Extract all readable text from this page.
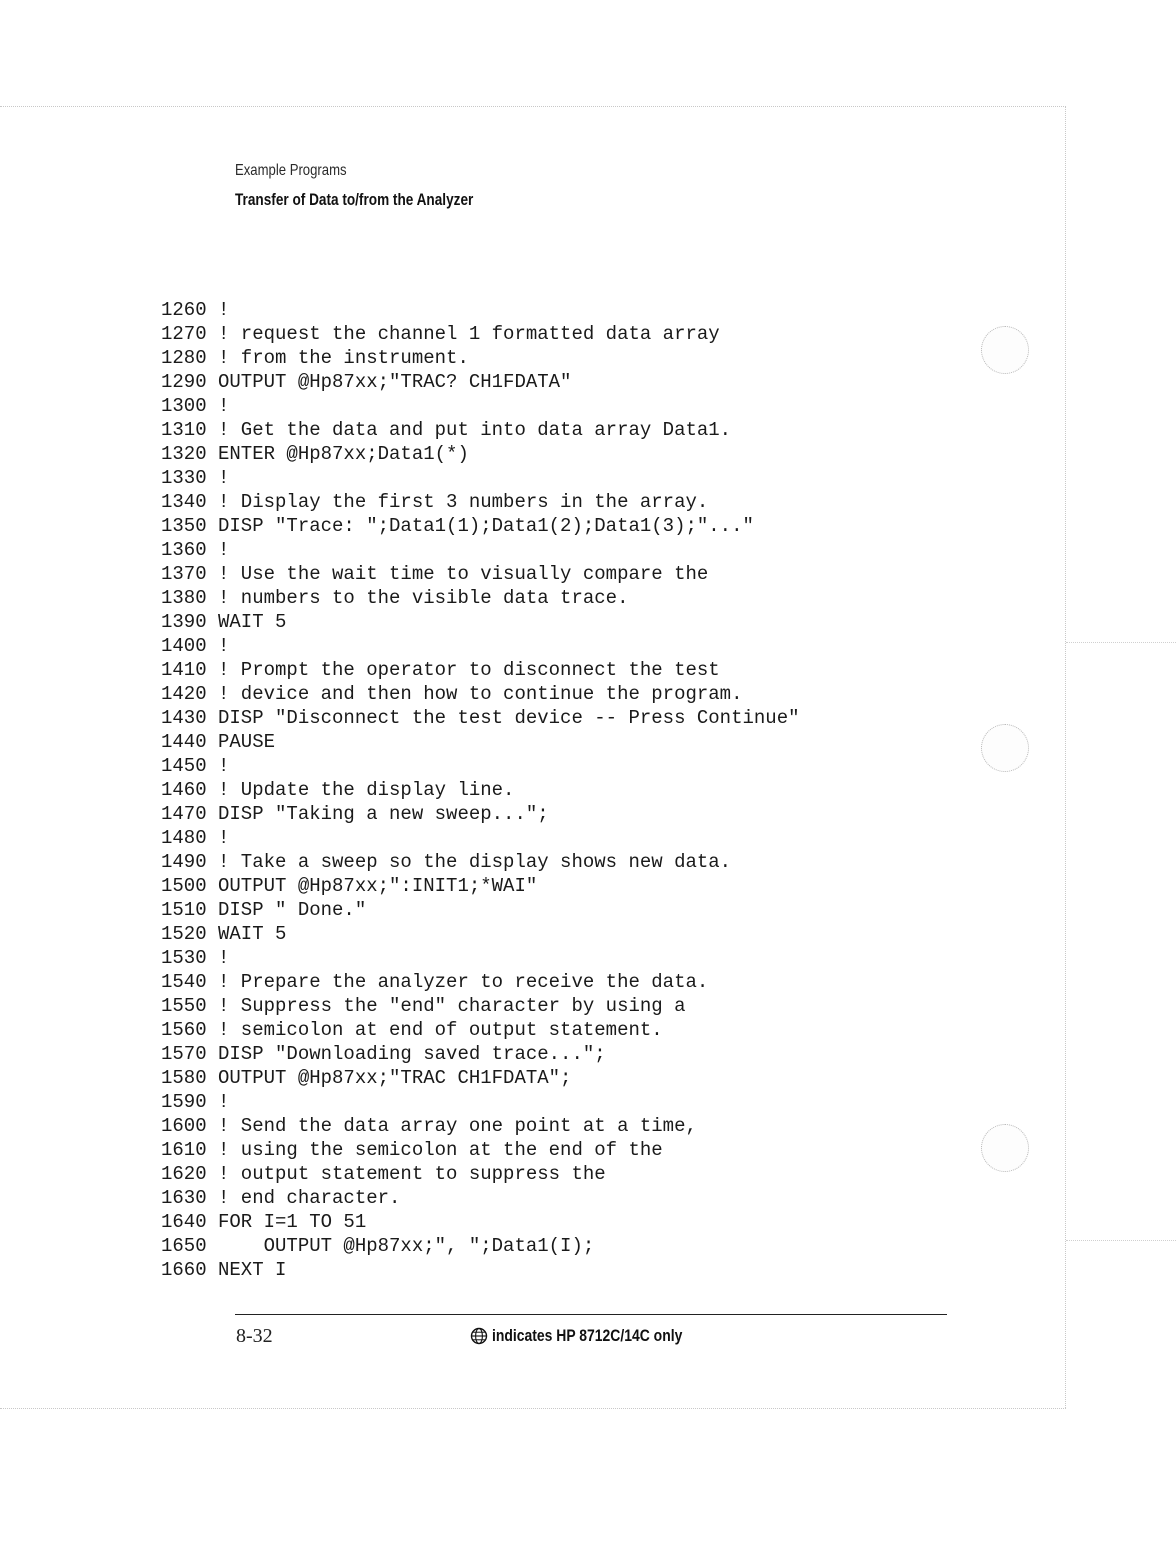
Example Programs
Transfer of Data to/from the Analyzer
1260 !
1270 ! request the channel 1 formatted data array
1280 ! from the instrument.
1290 OUTPUT @Hp87xx;"TRAC? CH1FDATA"
1300 !
1310 ! Get the data and put into data array Data1.
1320 ENTER @Hp87xx;Data1(*)
1330 !
1340 ! Display the first 3 numbers in the array.
1350 DISP "Trace: ";Data1(1);Data1(2);Data1(3);"..."
1360 !
1370 ! Use the wait time to visually compare the
1380 ! numbers to the visible data trace.
1390 WAIT 5
1400 !
1410 ! Prompt the operator to disconnect the test
1420 ! device and then how to continue the program.
1430 DISP "Disconnect the test device -- Press Continue"
1440 PAUSE
1450 !
1460 ! Update the display line.
1470 DISP "Taking a new sweep...";
1480 !
1490 ! Take a sweep so the display shows new data.
1500 OUTPUT @Hp87xx;":INIT1;*WAI"
1510 DISP " Done."
1520 WAIT 5
1530 !
1540 ! Prepare the analyzer to receive the data.
1550 ! Suppress the "end" character by using a
1560 ! semicolon at end of output statement.
1570 DISP "Downloading saved trace...";
1580 OUTPUT @Hp87xx;"TRAC CH1FDATA";
1590 !
1600 ! Send the data array one point at a time,
1610 ! using the semicolon at the end of the
1620 ! output statement to suppress the
1630 ! end character.
1640 FOR I=1 TO 51
1650    OUTPUT @Hp87xx;", ";Data1(I);
1660 NEXT I
8-32	indicates HP 8712C/14C only
